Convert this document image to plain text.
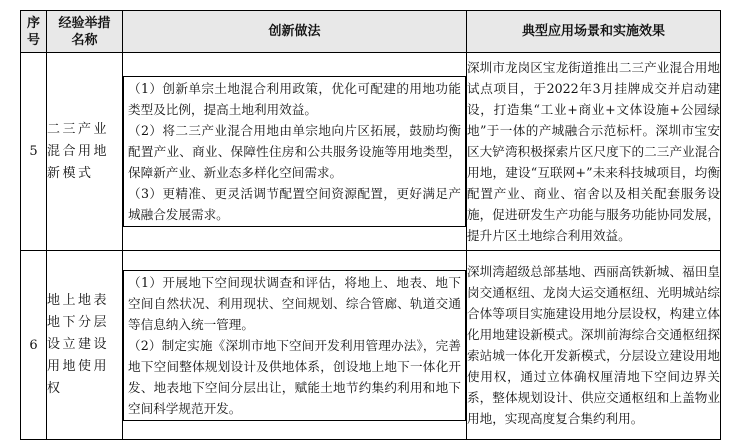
序号	经验举措名称	创新做法	典型应用场景和实施效果
5	二三产业混合用地新模式	（1）创新单宗土地混合利用政策，优化可配建的用地功能类型及比例，提高土地利用效益。

（2）将二三产业混合用地由单宗地向片区拓展，鼓励均衡配置产业、商业、保障性住房和公共服务设施等用地类型，保障新产业、新业态多样化空间需求。

（3）更精准、更灵活调节配置空间资源配置，更好满足产城融合发展需求。	深圳市龙岗区宝龙街道推出二三产业混合用地试点项目，于2022年3月挂牌成交并启动建设，打造集“工业+商业+文体设施+公园绿地”于一体的产城融合示范标杆。深圳市宝安区大铲湾积极探索片区尺度下的二三产业混合用地，建设“互联网+”未来科技城项目，均衡配置产业、商业、宿舍以及相关配套服务设施，促进研发生产功能与服务功能协同发展，提升片区土地综合利用效益。
6	地上地表地下分层设立建设用地使用权	（1）开展地下空间现状调查和评估，将地上、地表、地下空间自然状况、利用现状、空间规划、综合管廊、轨道交通等信息纳入统一管理。

（2）制定实施《深圳市地下空间开发利用管理办法》，完善地下空间整体规划设计及供地体系，创设地上地下一体化开发、地表地下空间分层出让，赋能土地节约集约利用和地下空间科学规范开发。	深圳湾超级总部基地、西丽高铁新城、福田皇岗交通枢纽、龙岗大运交通枢纽、光明城站综合体等项目实施建设用地分层设权，构建立体化用地建设新模式。深圳前海综合交通枢纽探索站城一体化开发新模式，分层设立建设用地使用权，通过立体确权厘清地下空间边界关系，整体规划设计、供应交通枢纽和上盖物业用地，实现高度复合集约利用。
